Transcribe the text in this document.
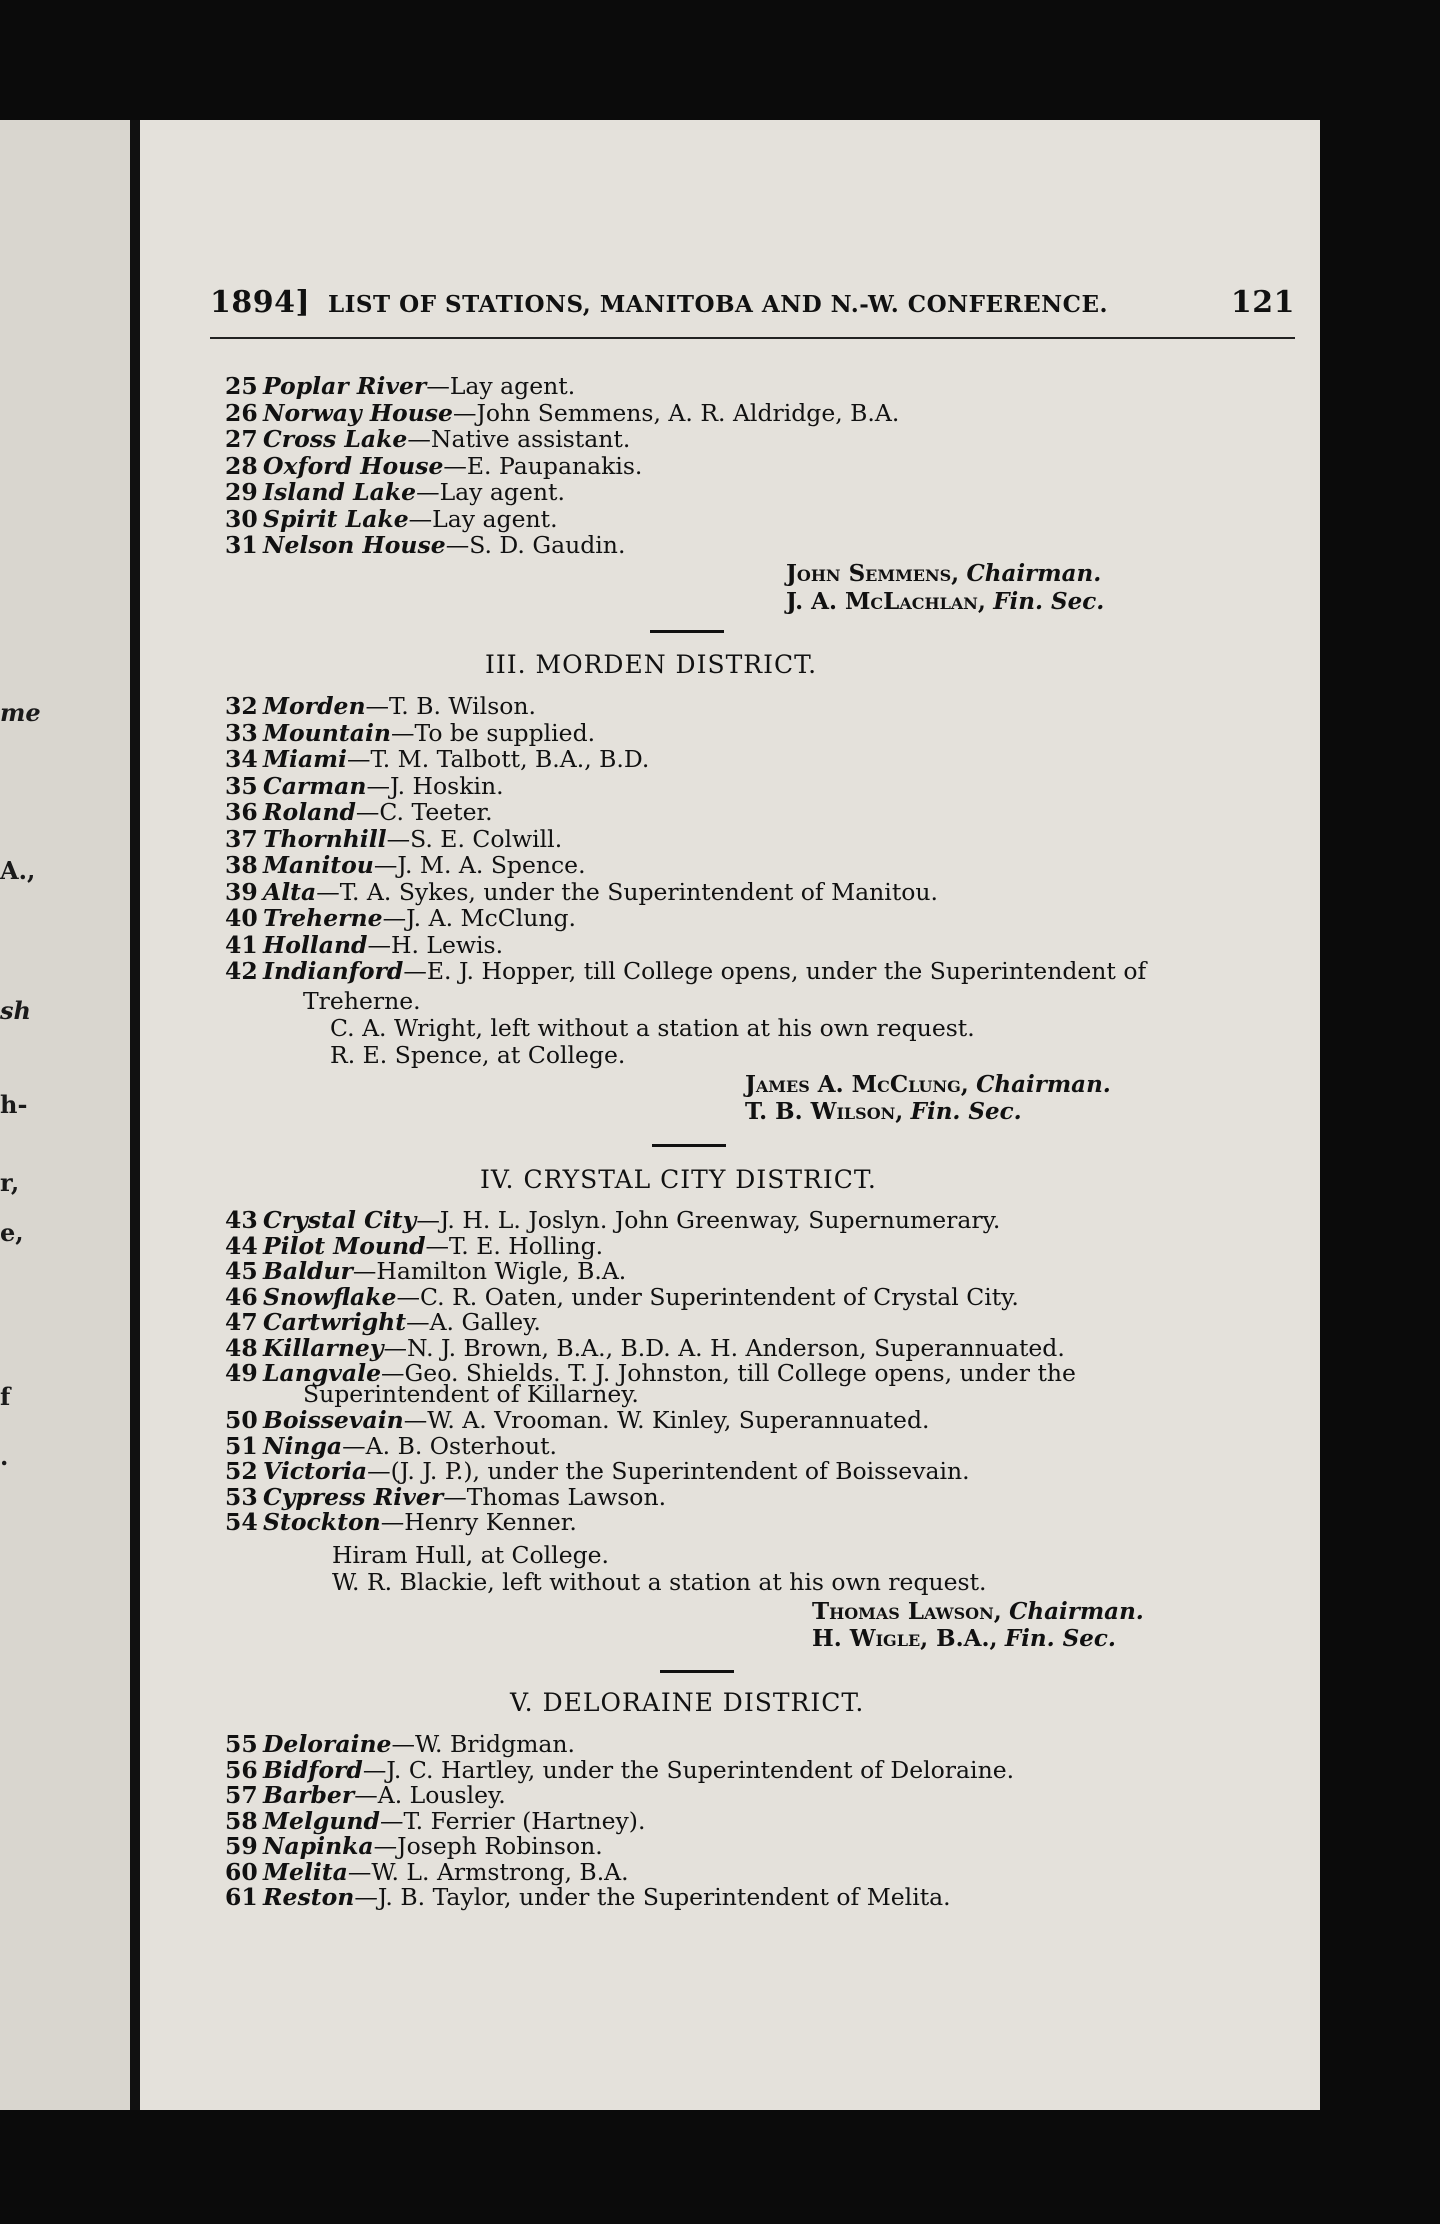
me
A.,
sh
h-
r,
e,
f
.
1894] LIST OF STATIONS, MANITOBA AND N.-W. CONFERENCE.	121
25 Poplar River—Lay agent.
26 Norway House—John Semmens, A. R. Aldridge, B.A.
27 Cross Lake—Native assistant.
28 Oxford House—E. Paupanakis.
29 Island Lake—Lay agent.
30 Spirit Lake—Lay agent.
31 Nelson House—S. D. Gaudin.
John Semmens, Chairman.
J. A. McLachlan, Fin. Sec.
III. MORDEN DISTRICT.
32 Morden—T. B. Wilson.
33 Mountain—To be supplied.
34 Miami—T. M. Talbott, B.A., B.D.
35 Carman—J. Hoskin.
36 Roland—C. Teeter.
37 Thornhill—S. E. Colwill.
38 Manitou—J. M. A. Spence.
39 Alta—T. A. Sykes, under the Superintendent of Manitou.
40 Treherne—J. A. McClung.
41 Holland—H. Lewis.
42 Indianford—E. J. Hopper, till College opens, under the Superintendent of
Treherne.
C. A. Wright, left without a station at his own request.
R. E. Spence, at College.
James A. McClung, Chairman.
T. B. Wilson, Fin. Sec.
IV. CRYSTAL CITY DISTRICT.
43 Crystal City—J. H. L. Joslyn. John Greenway, Supernumerary.
44 Pilot Mound—T. E. Holling.
45 Baldur—Hamilton Wigle, B.A.
46 Snowflake—C. R. Oaten, under Superintendent of Crystal City.
47 Cartwright—A. Galley.
48 Killarney—N. J. Brown, B.A., B.D. A. H. Anderson, Superannuated.
49 Langvale—Geo. Shields. T. J. Johnston, till College opens, under the
Superintendent of Killarney.
50 Boissevain—W. A. Vrooman. W. Kinley, Superannuated.
51 Ninga—A. B. Osterhout.
52 Victoria—(J. J. P.), under the Superintendent of Boissevain.
53 Cypress River—Thomas Lawson.
54 Stockton—Henry Kenner.
Hiram Hull, at College.
W. R. Blackie, left without a station at his own request.
Thomas Lawson, Chairman.
H. Wigle, B.A., Fin. Sec.
V. DELORAINE DISTRICT.
55 Deloraine—W. Bridgman.
56 Bidford—J. C. Hartley, under the Superintendent of Deloraine.
57 Barber—A. Lousley.
58 Melgund—T. Ferrier (Hartney).
59 Napinka—Joseph Robinson.
60 Melita—W. L. Armstrong, B.A.
61 Reston—J. B. Taylor, under the Superintendent of Melita.
